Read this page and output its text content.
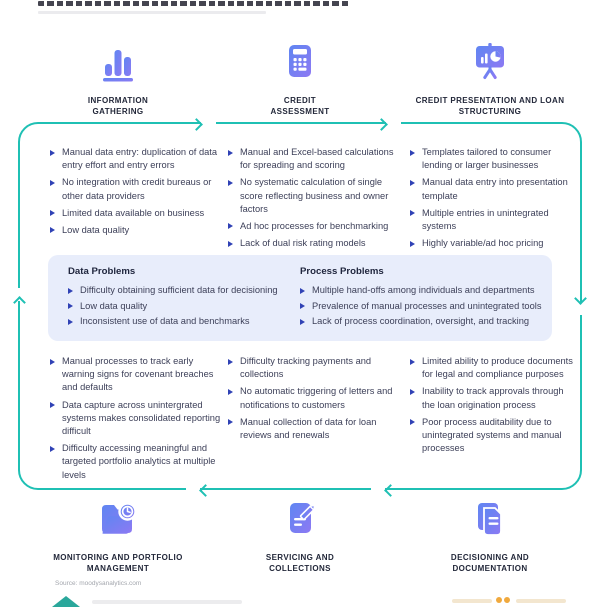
INFORMATION GATHERING
CREDIT ASSESSMENT
CREDIT PRESENTATION AND LOAN STRUCTURING
Manual data entry: duplication of data entry effort and entry errors
No integration with credit bureaus or other data providers
Limited data available on business
Low data quality
Manual and Excel-based calculations for spreading and scoring
No systematic calculation of single score reflecting business and owner factors
Ad hoc processes for benchmarking
Lack of dual risk rating models
Templates tailored to consumer lending or larger businesses
Manual data entry into presentation template
Multiple entries in unintegrated systems
Highly variable/ad hoc pricing
Data Problems
Difficulty obtaining sufficient data for decisioning
Low data quality
Inconsistent use of data and benchmarks
Process Problems
Multiple hand-offs among individuals and departments
Prevalence of manual processes and unintegrated tools
Lack of process coordination, oversight, and tracking
Manual processes to track early warning signs for covenant breaches and defaults
Data capture across unintergrated systems makes consolidated reporting difficult
Difficulty accessing meaningful and targeted portfolio analytics at multiple levels
Difficulty tracking payments and collections
No automatic triggering of letters and notifications to customers
Manual collection of data for loan reviews and renewals
Limited ability to produce documents for legal and compliance purposes
Inability to track approvals through the loan origination process
Poor process auditability due to unintegrated systems and manual processes
MONITORING AND PORTFOLIO MANAGEMENT
SERVICING AND COLLECTIONS
DECISIONING AND DOCUMENTATION
Source: moodysanalytics.com
